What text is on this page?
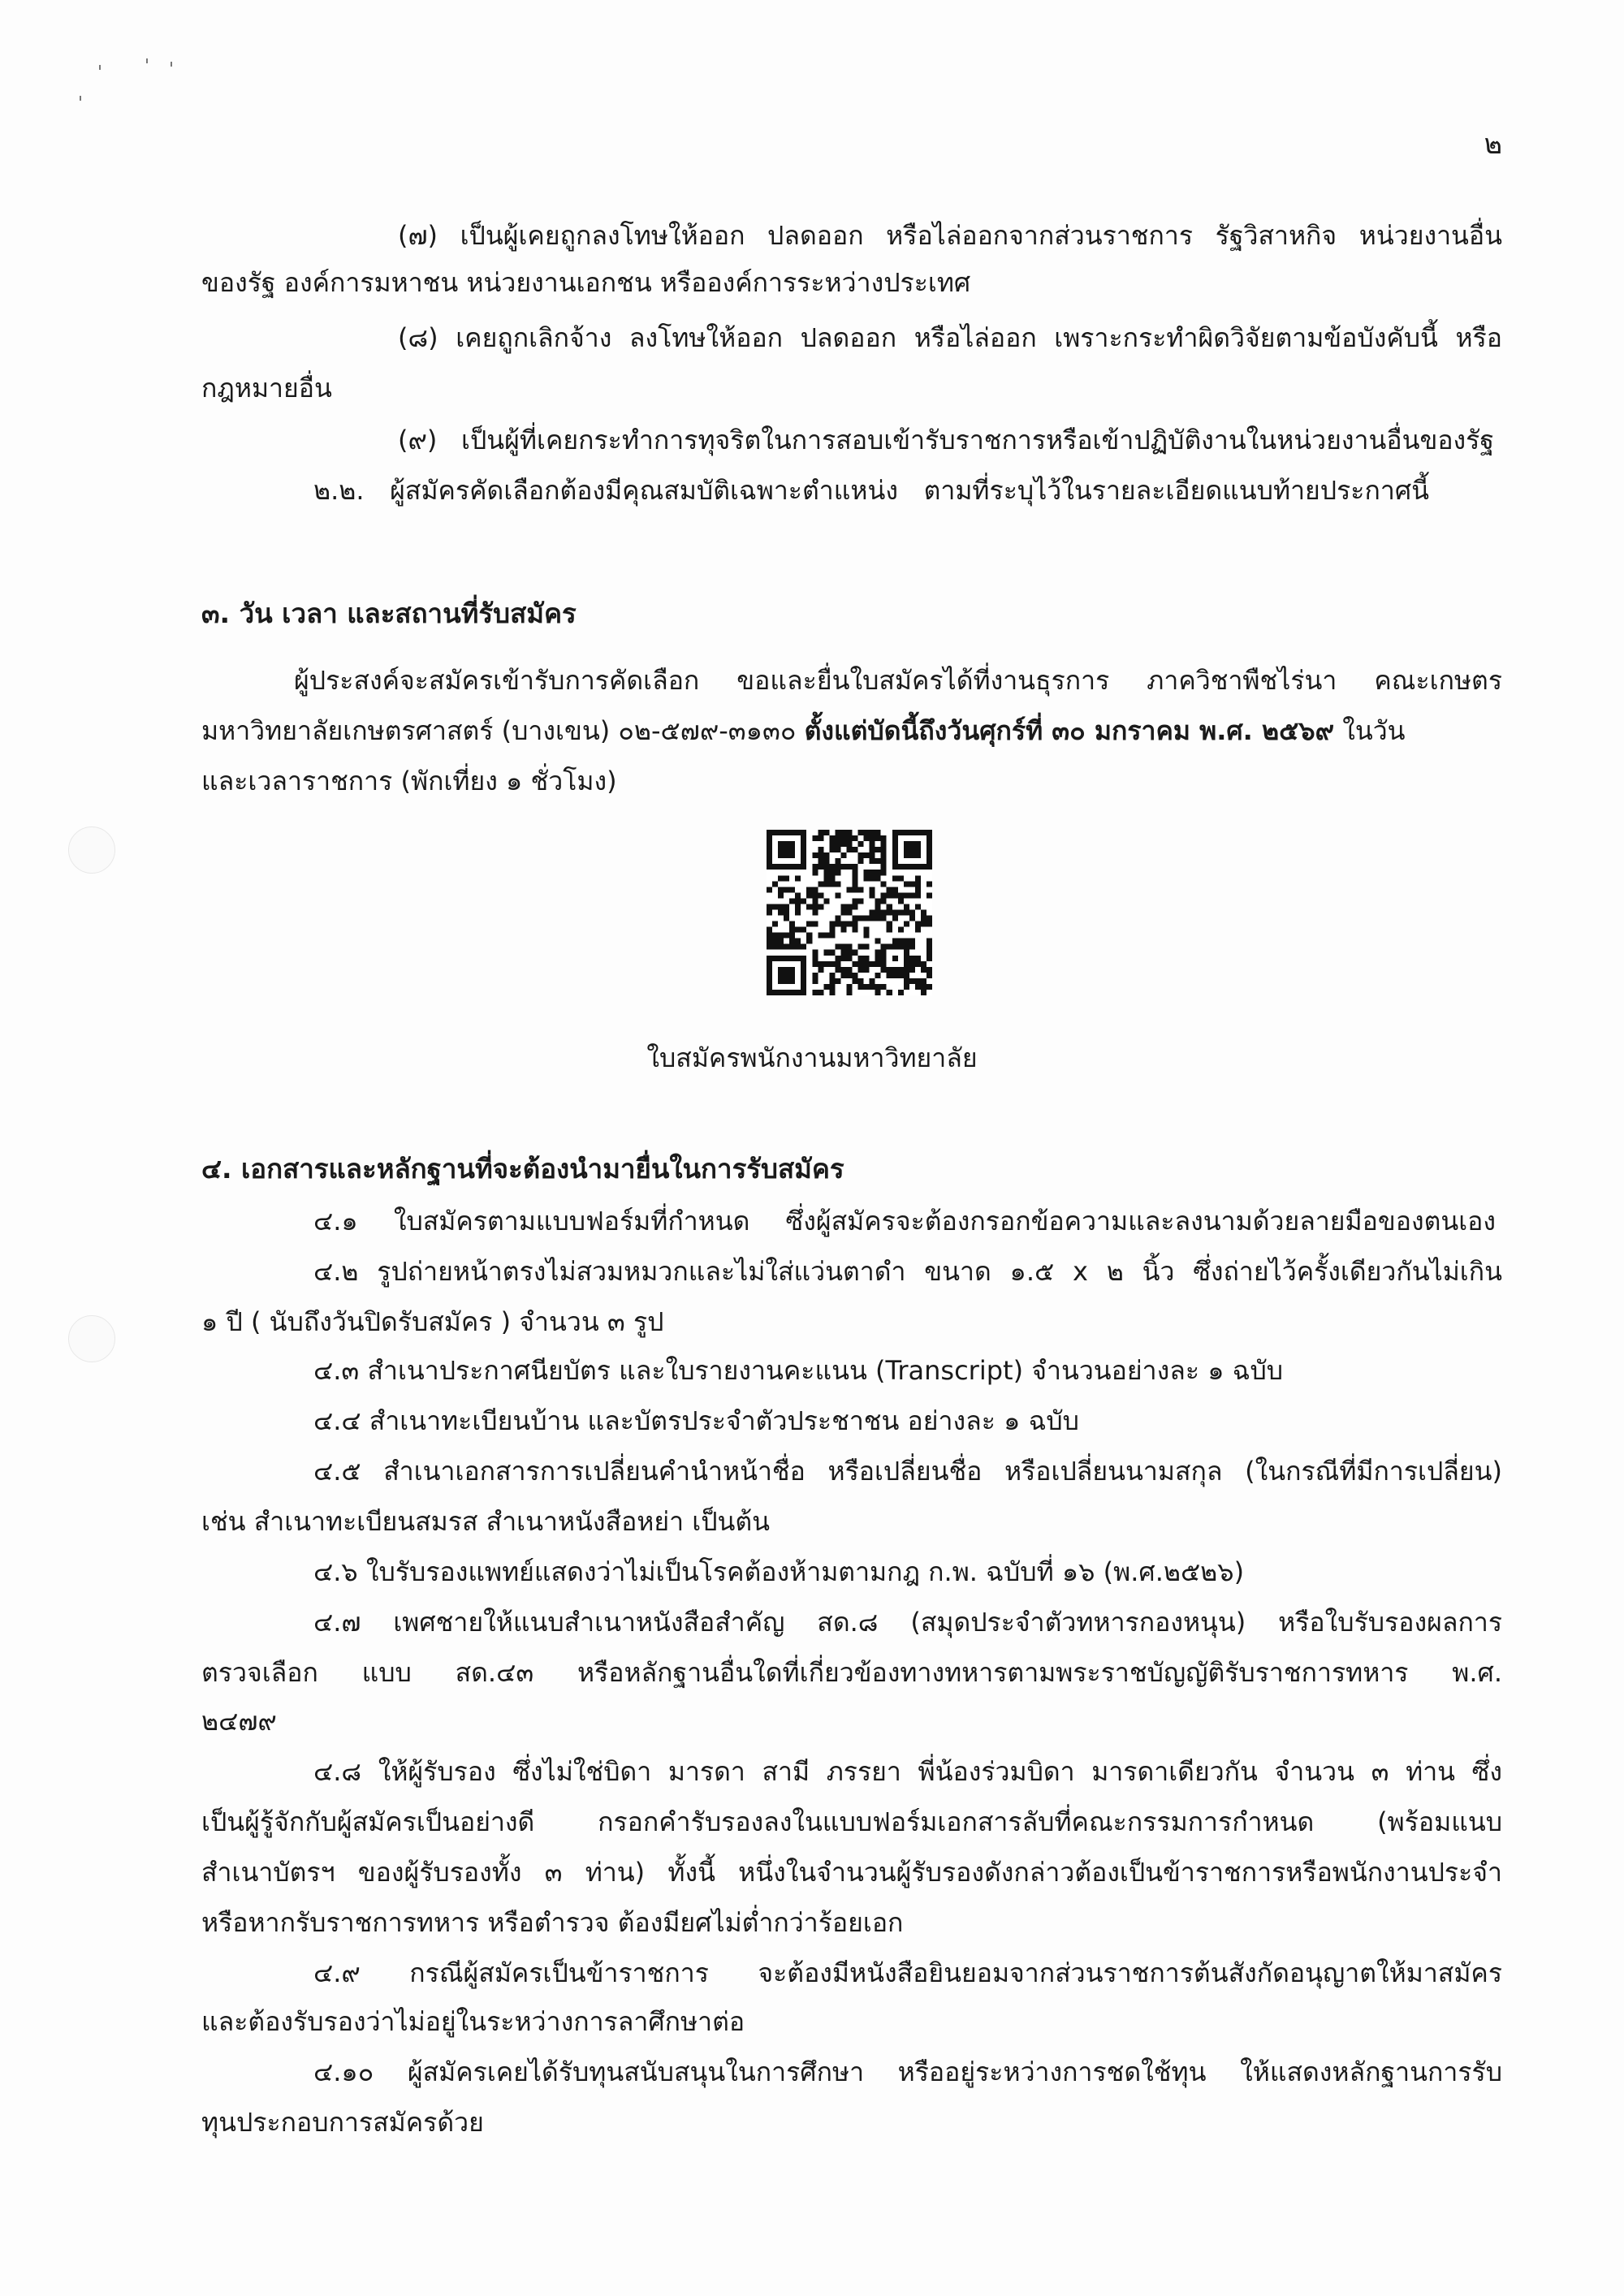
๒
(๗) เป็นผู้เคยถูกลงโทษให้ออก ปลดออก หรือไล่ออกจากส่วนราชการ รัฐวิสาหกิจ หน่วยงานอื่น
ของรัฐ องค์การมหาชน หน่วยงานเอกชน หรือองค์การระหว่างประเทศ
(๘) เคยถูกเลิกจ้าง ลงโทษให้ออก ปลดออก หรือไล่ออก เพราะกระทำผิดวิจัยตามข้อบังคับนี้ หรือ
กฎหมายอื่น
(๙) เป็นผู้ที่เคยกระทำการทุจริตในการสอบเข้ารับราชการหรือเข้าปฏิบัติงานในหน่วยงานอื่นของรัฐ
๒.๒. ผู้สมัครคัดเลือกต้องมีคุณสมบัติเฉพาะตำแหน่ง ตามที่ระบุไว้ในรายละเอียดแนบท้ายประกาศนี้
๓. วัน เวลา และสถานที่รับสมัคร
ผู้ประสงค์จะสมัครเข้ารับการคัดเลือก ขอและยื่นใบสมัครได้ที่งานธุรการ ภาควิชาพืชไร่นา คณะเกษตร
มหาวิทยาลัยเกษตรศาสตร์ (บางเขน) ๐๒-๕๗๙-๓๑๓๐ ตั้งแต่บัดนี้ถึงวันศุกร์ที่ ๓๐ มกราคม พ.ศ. ๒๕๖๙ ในวัน
และเวลาราชการ (พักเที่ยง ๑ ชั่วโมง)
ใบสมัครพนักงานมหาวิทยาลัย
๔. เอกสารและหลักฐานที่จะต้องนำมายื่นในการรับสมัคร
๔.๑ ใบสมัครตามแบบฟอร์มที่กำหนด ซึ่งผู้สมัครจะต้องกรอกข้อความและลงนามด้วยลายมือของตนเอง
๔.๒ รูปถ่ายหน้าตรงไม่สวมหมวกและไม่ใส่แว่นตาดำ ขนาด ๑.๕ x ๒ นิ้ว ซึ่งถ่ายไว้ครั้งเดียวกันไม่เกิน
๑ ปี ( นับถึงวันปิดรับสมัคร ) จำนวน ๓ รูป
๔.๓ สำเนาประกาศนียบัตร และใบรายงานคะแนน (Transcript) จำนวนอย่างละ ๑ ฉบับ
๔.๔ สำเนาทะเบียนบ้าน และบัตรประจำตัวประชาชน อย่างละ ๑ ฉบับ
๔.๕ สำเนาเอกสารการเปลี่ยนคำนำหน้าชื่อ หรือเปลี่ยนชื่อ หรือเปลี่ยนนามสกุล (ในกรณีที่มีการเปลี่ยน)
เช่น สำเนาทะเบียนสมรส สำเนาหนังสือหย่า เป็นต้น
๔.๖ ใบรับรองแพทย์แสดงว่าไม่เป็นโรคต้องห้ามตามกฎ ก.พ. ฉบับที่ ๑๖ (พ.ศ.๒๕๒๖)
๔.๗ เพศชายให้แนบสำเนาหนังสือสำคัญ สด.๘ (สมุดประจำตัวทหารกองหนุน) หรือใบรับรองผลการ
ตรวจเลือก แบบ สด.๔๓ หรือหลักฐานอื่นใดที่เกี่ยวข้องทางทหารตามพระราชบัญญัติรับราชการทหาร พ.ศ.
๒๔๗๙
๔.๘ ให้ผู้รับรอง ซึ่งไม่ใช่บิดา มารดา สามี ภรรยา พี่น้องร่วมบิดา มารดาเดียวกัน จำนวน ๓ ท่าน ซึ่ง
เป็นผู้รู้จักกับผู้สมัครเป็นอย่างดี กรอกคำรับรองลงในแบบฟอร์มเอกสารลับที่คณะกรรมการกำหนด (พร้อมแนบ
สำเนาบัตรฯ ของผู้รับรองทั้ง ๓ ท่าน) ทั้งนี้ หนึ่งในจำนวนผู้รับรองดังกล่าวต้องเป็นข้าราชการหรือพนักงานประจำ
หรือหากรับราชการทหาร หรือตำรวจ ต้องมียศไม่ต่ำกว่าร้อยเอก
๔.๙ กรณีผู้สมัครเป็นข้าราชการ จะต้องมีหนังสือยินยอมจากส่วนราชการต้นสังกัดอนุญาตให้มาสมัคร
และต้องรับรองว่าไม่อยู่ในระหว่างการลาศึกษาต่อ
๔.๑๐ ผู้สมัครเคยได้รับทุนสนับสนุนในการศึกษา หรืออยู่ระหว่างการชดใช้ทุน ให้แสดงหลักฐานการรับ
ทุนประกอบการสมัครด้วย
